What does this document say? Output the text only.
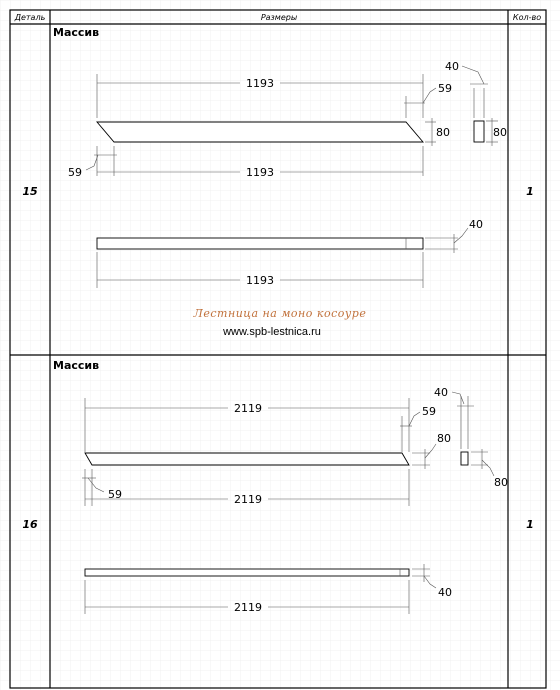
Деталь	Размеры	Кол-во
15	1
Массив
1193	59
80
40
80
1193
59
40
1193
Лестница на моно косоуре
www.spb-lestnica.ru
16	1
Массив
2119	59
80
40
80
2119
59
40
2119
